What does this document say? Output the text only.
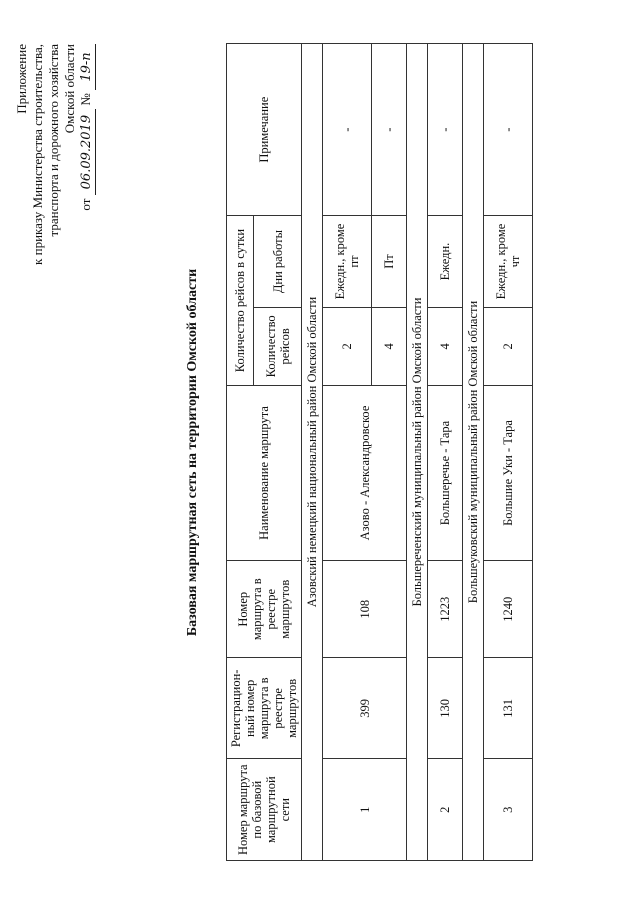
Приложение к приказу Министерства строительства, транспорта и дорожного хозяйства Омской области
от 06.09.2019 № 19-п
Базовая маршрутная сеть на территории Омской области
Номер маршрута по базовой маршрутной сети	Регистрацион-ный номер маршрута в реестре маршрутов	Номер маршрута в реестре маршрутов	Наименование маршрута	Количество рейсов в сутки		Примечание
				Количество рейсов	Дни работы	
Азовский немецкий национальный район Омской области						
1	399	108	Азово - Александровское	2	Ежедн., кроме пт	-
				4	Пт	-
Большереченский муниципальный район Омской области						
2	130	1223	Большеречье - Тара	4	Ежедн.	-
Большеуковский муниципальный район Омской области						
3	131	1240	Большие Уки - Тара	2	Ежедн., кроме чт	-
